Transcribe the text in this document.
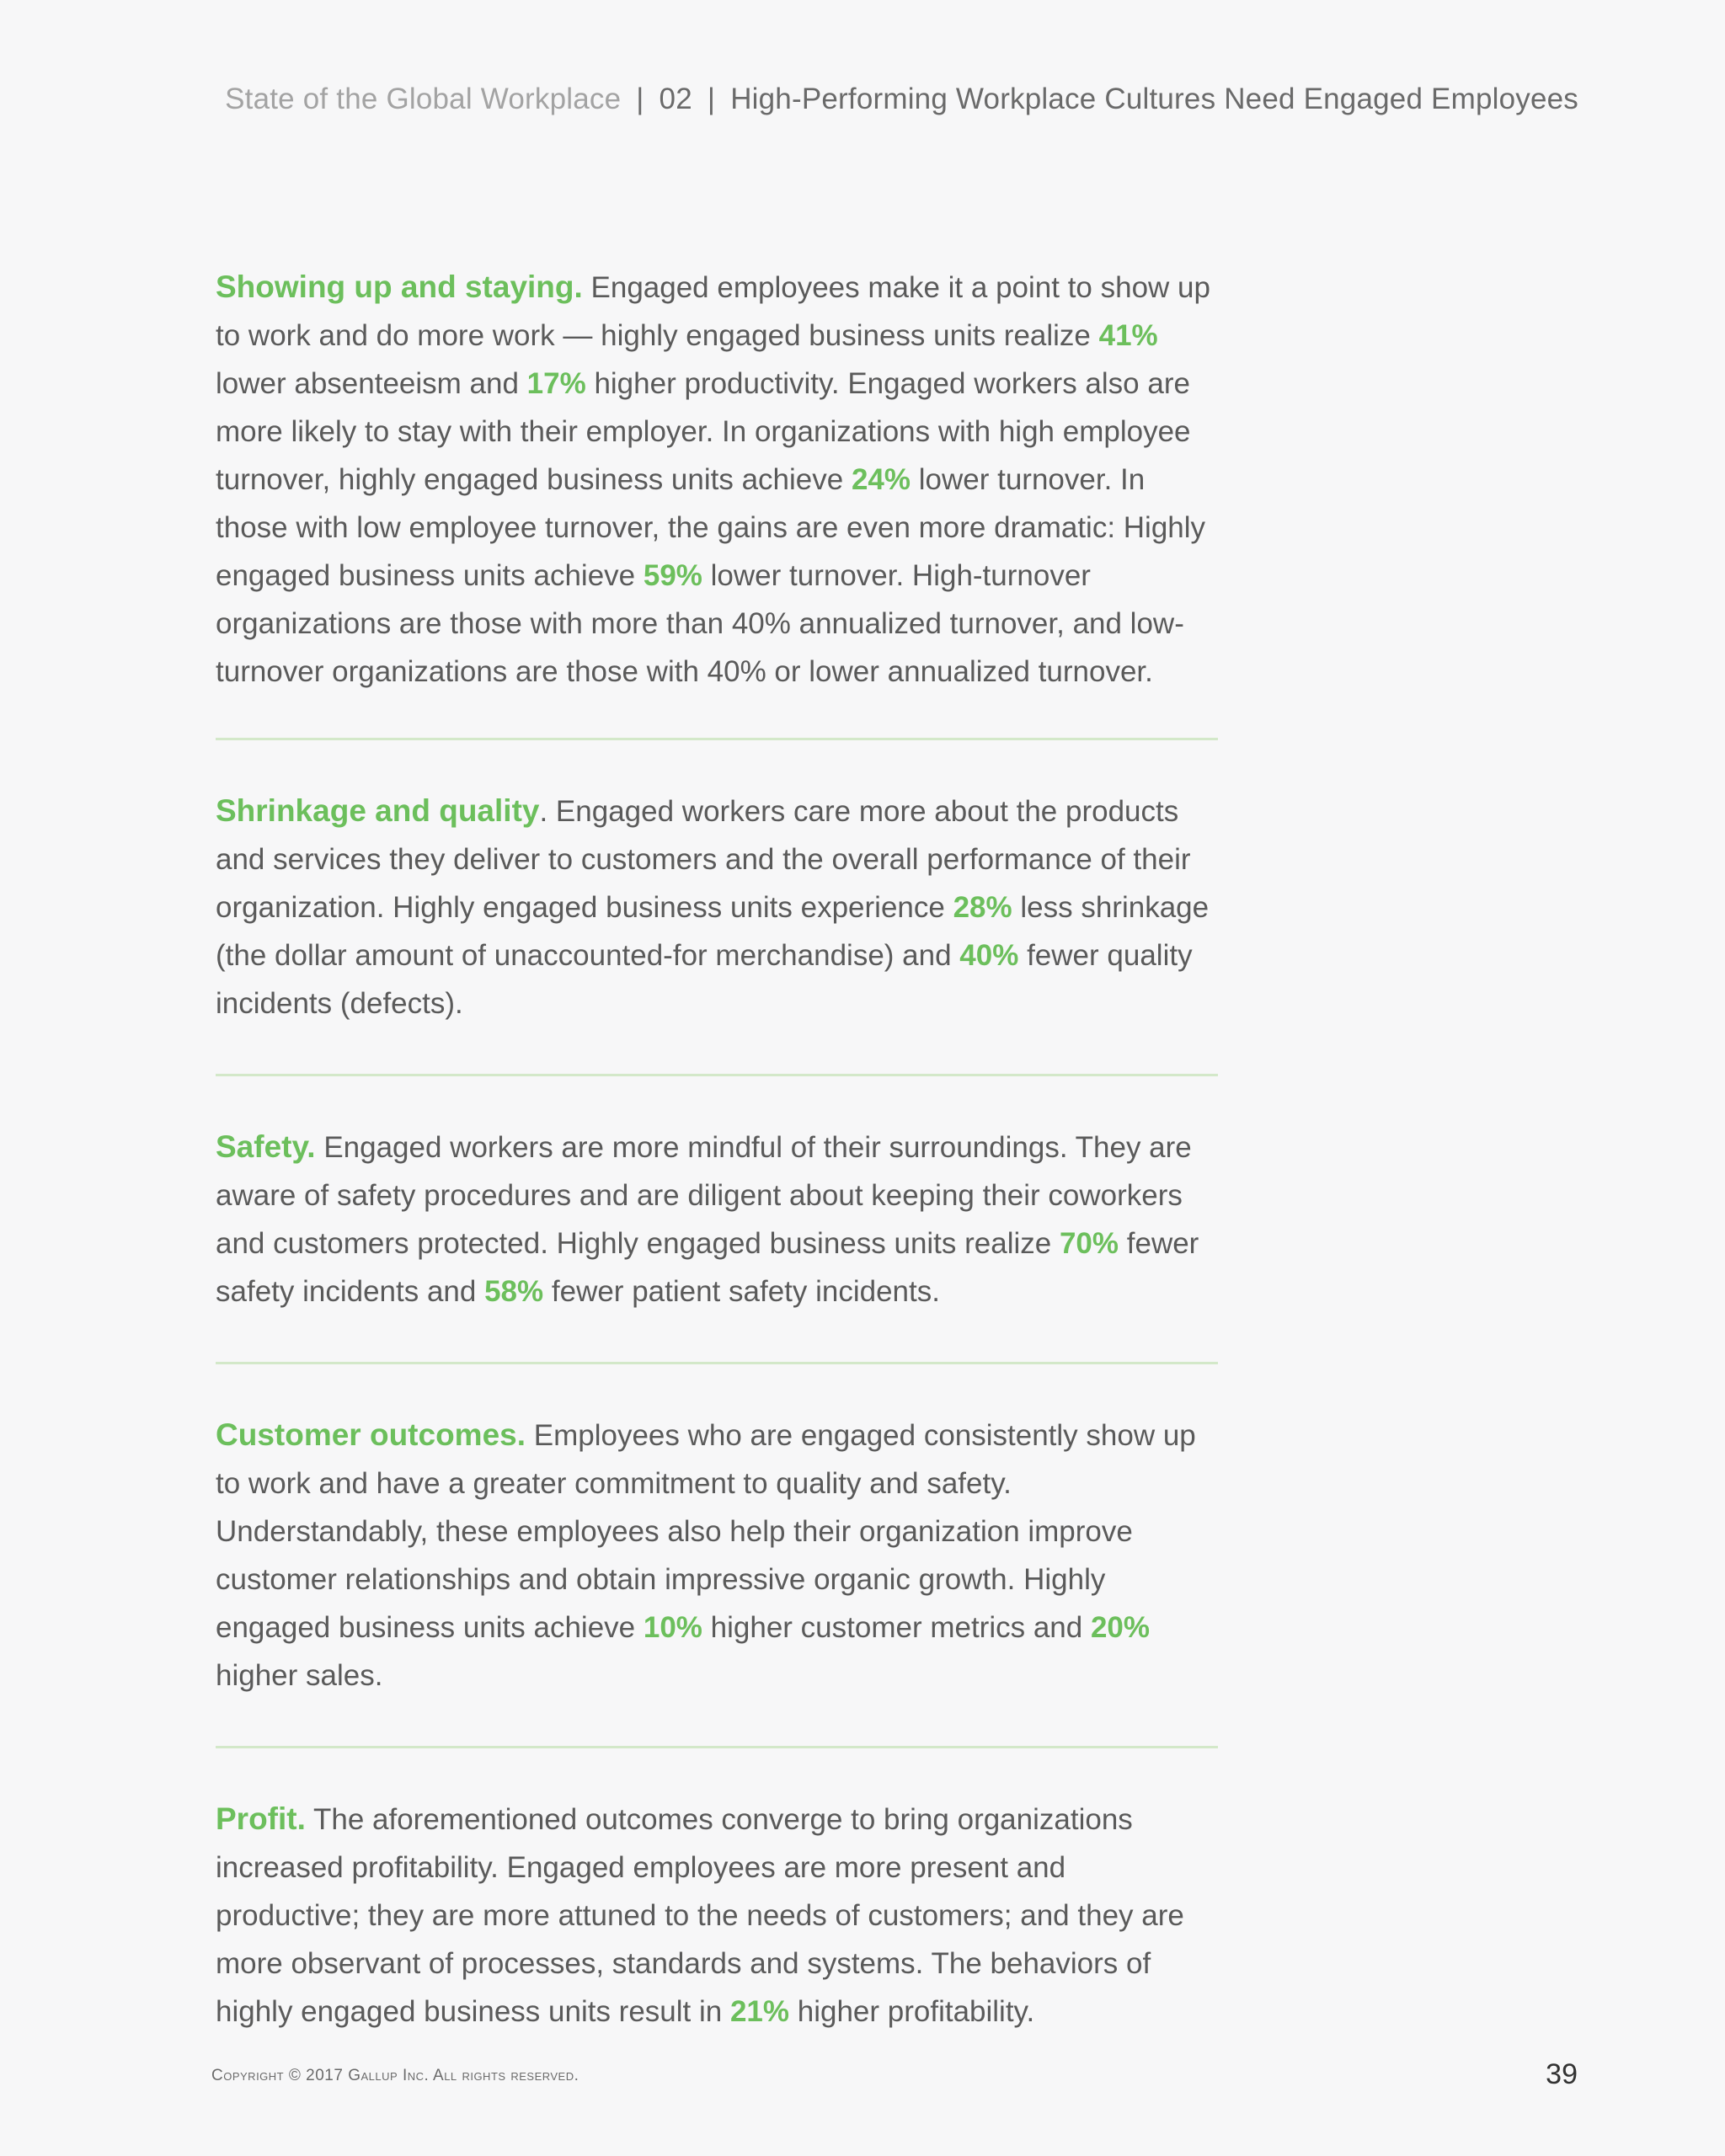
State of the Global Workplace | 02 | High-Performing Workplace Cultures Need Engaged Employees

Showing up and staying. Engaged employees make it a point to show up to work and do more work — highly engaged business units realize 41% lower absenteeism and 17% higher productivity. Engaged workers also are more likely to stay with their employer. In organizations with high employee turnover, highly engaged business units achieve 24% lower turnover. In those with low employee turnover, the gains are even more dramatic: Highly engaged business units achieve 59% lower turnover. High-turnover organizations are those with more than 40% annualized turnover, and low-turnover organizations are those with 40% or lower annualized turnover.

Shrinkage and quality. Engaged workers care more about the products and services they deliver to customers and the overall performance of their organization. Highly engaged business units experience 28% less shrinkage (the dollar amount of unaccounted-for merchandise) and 40% fewer quality incidents (defects).

Safety. Engaged workers are more mindful of their surroundings. They are aware of safety procedures and are diligent about keeping their coworkers and customers protected. Highly engaged business units realize 70% fewer safety incidents and 58% fewer patient safety incidents.

Customer outcomes. Employees who are engaged consistently show up to work and have a greater commitment to quality and safety. Understandably, these employees also help their organization improve customer relationships and obtain impressive organic growth. Highly engaged business units achieve 10% higher customer metrics and 20% higher sales.

Profit. The aforementioned outcomes converge to bring organizations increased profitability. Engaged employees are more present and productive; they are more attuned to the needs of customers; and they are more observant of processes, standards and systems. The behaviors of highly engaged business units result in 21% higher profitability.

Copyright © 2017 Gallup Inc. All rights reserved.	39
